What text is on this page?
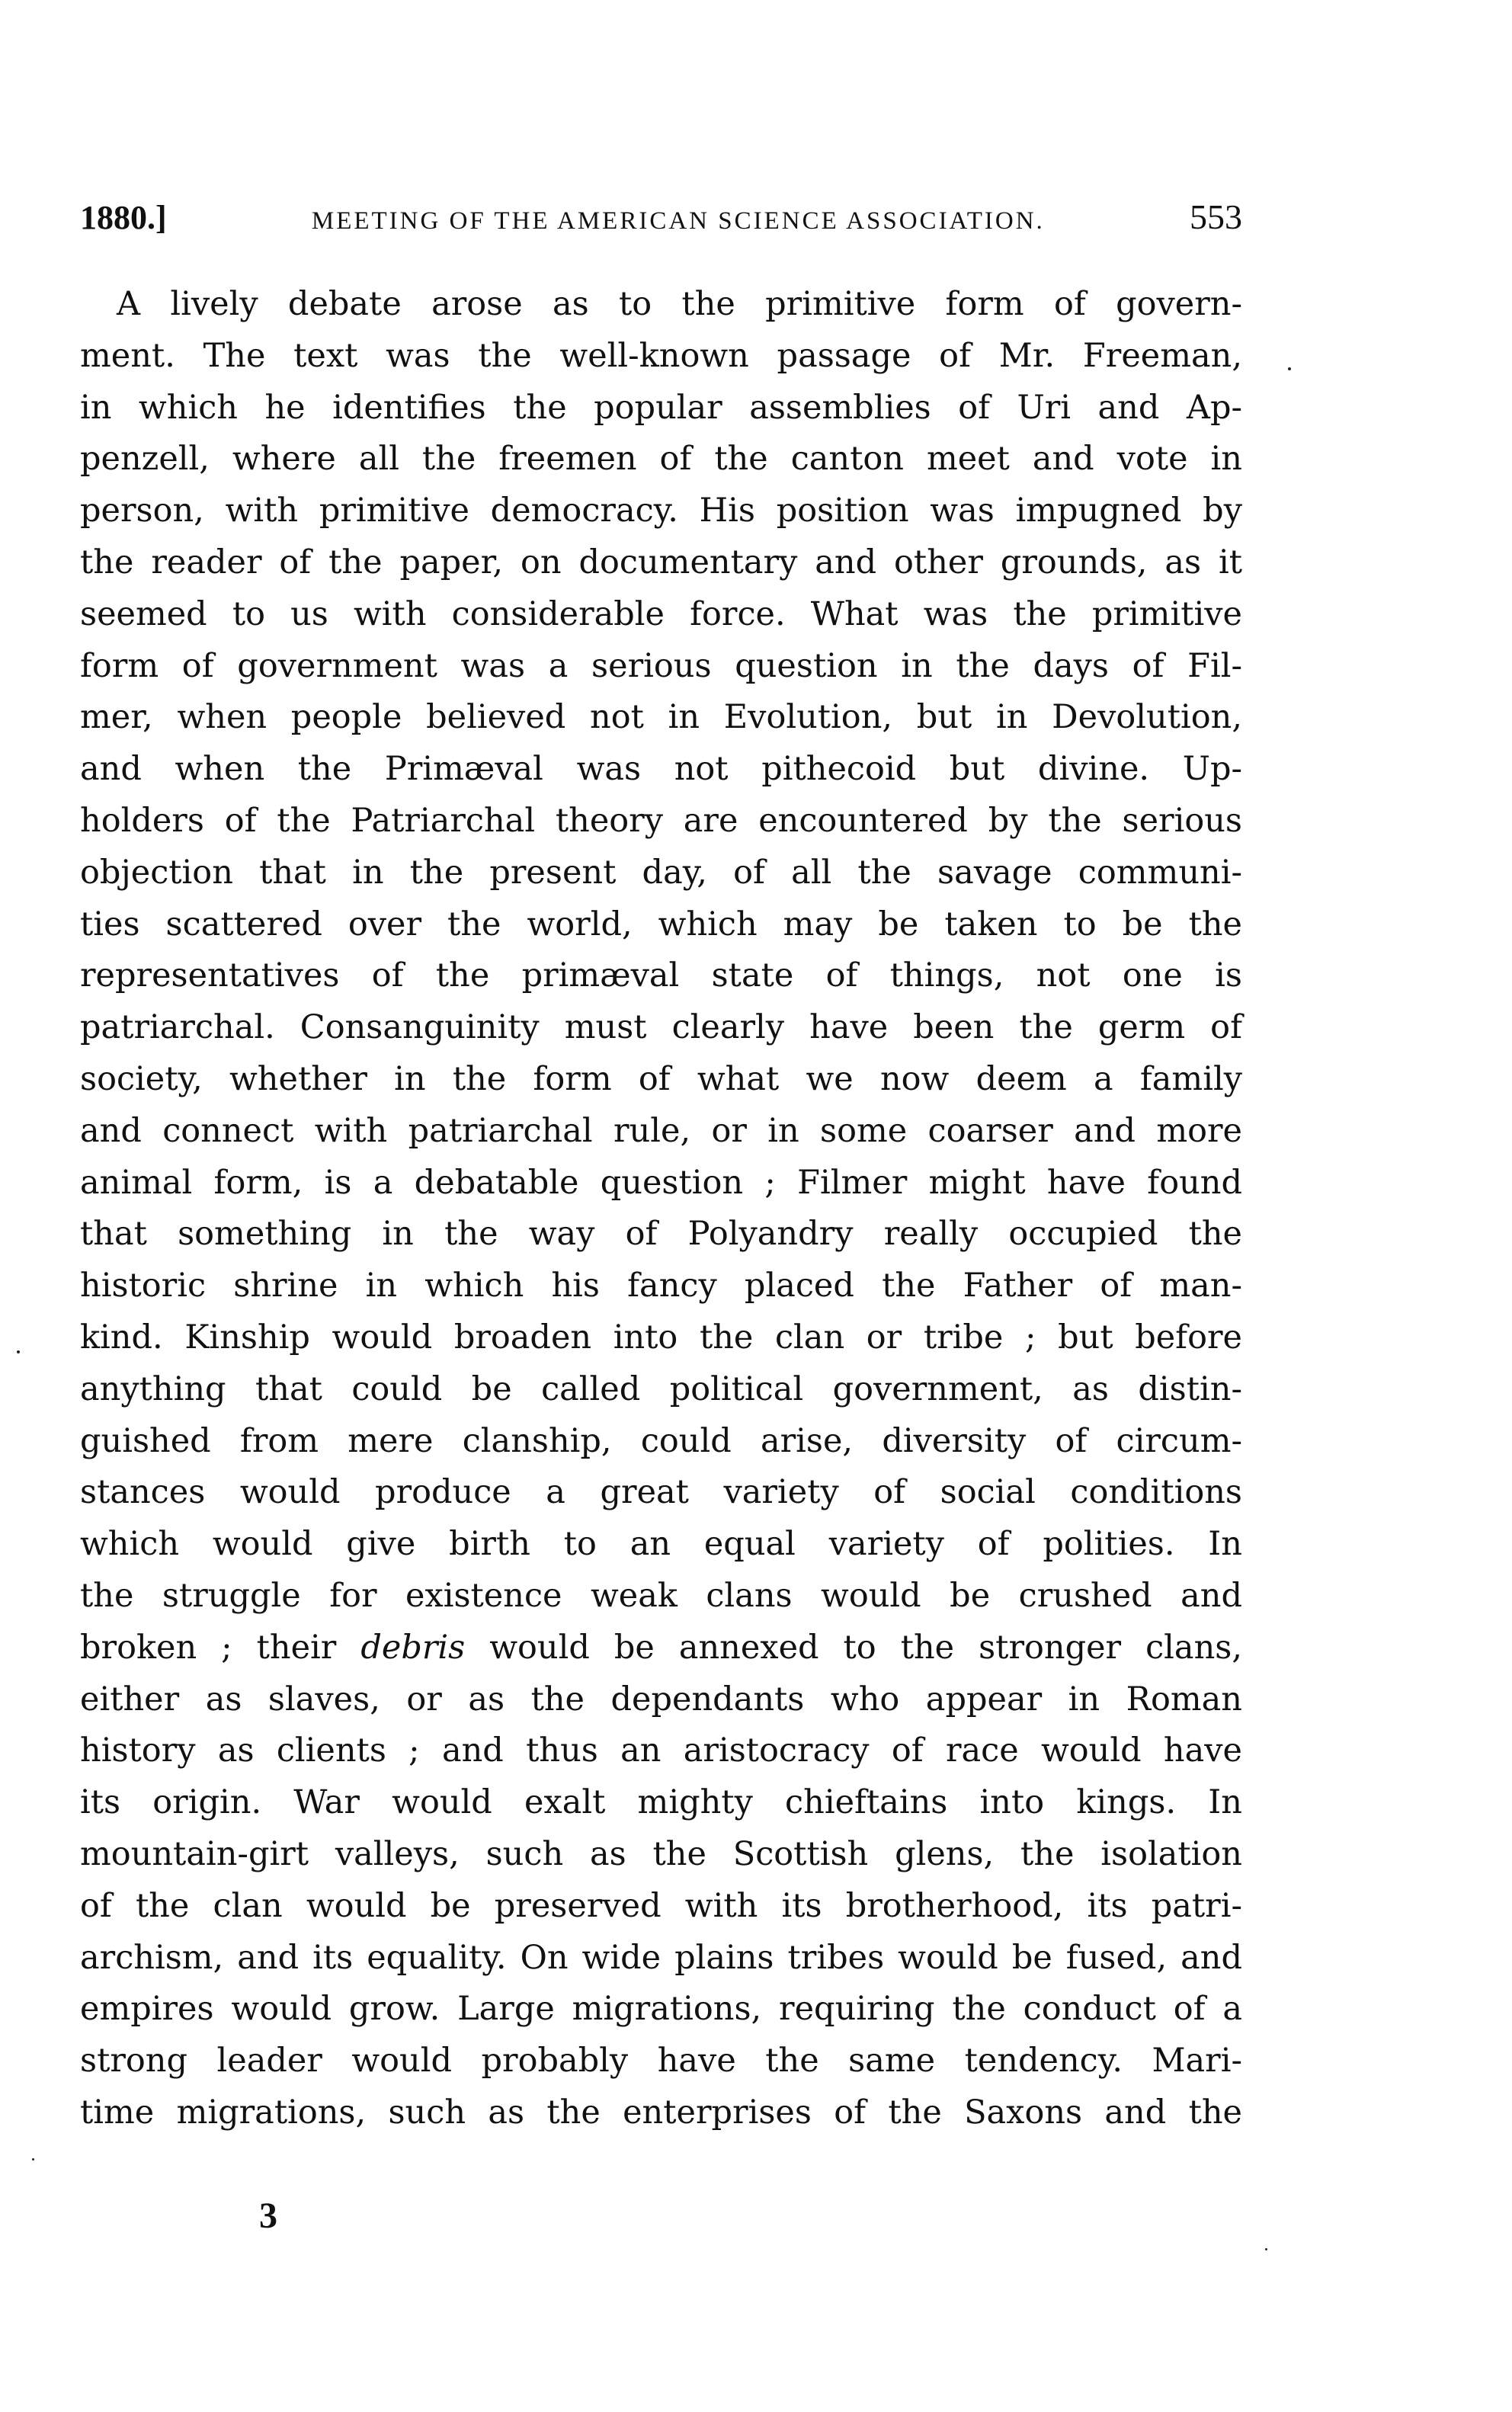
1880.]	MEETING OF THE AMERICAN SCIENCE ASSOCIATION.	553
A lively debate arose as to the primitive form of govern-
ment. The text was the well-known passage of Mr. Freeman,
in which he identifies the popular assemblies of Uri and Ap-
penzell, where all the freemen of the canton meet and vote in
person, with primitive democracy. His position was impugned by
the reader of the paper, on documentary and other grounds, as it
seemed to us with considerable force. What was the primitive
form of government was a serious question in the days of Fil-
mer, when people believed not in Evolution, but in Devolution,
and when the Primæval was not pithecoid but divine. Up-
holders of the Patriarchal theory are encountered by the serious
objection that in the present day, of all the savage communi-
ties scattered over the world, which may be taken to be the
representatives of the primæval state of things, not one is
patriarchal. Consanguinity must clearly have been the germ of
society, whether in the form of what we now deem a family
and connect with patriarchal rule, or in some coarser and more
animal form, is a debatable question ; Filmer might have found
that something in the way of Polyandry really occupied the
historic shrine in which his fancy placed the Father of man-
kind. Kinship would broaden into the clan or tribe ; but before
anything that could be called political government, as distin-
guished from mere clanship, could arise, diversity of circum-
stances would produce a great variety of social conditions
which would give birth to an equal variety of polities. In
the struggle for existence weak clans would be crushed and
broken ; their debris would be annexed to the stronger clans,
either as slaves, or as the dependants who appear in Roman
history as clients ; and thus an aristocracy of race would have
its origin. War would exalt mighty chieftains into kings. In
mountain-girt valleys, such as the Scottish glens, the isolation
of the clan would be preserved with its brotherhood, its patri-
archism, and its equality. On wide plains tribes would be fused, and
empires would grow. Large migrations, requiring the conduct of a
strong leader would probably have the same tendency. Mari-
time migrations, such as the enterprises of the Saxons and the
3
